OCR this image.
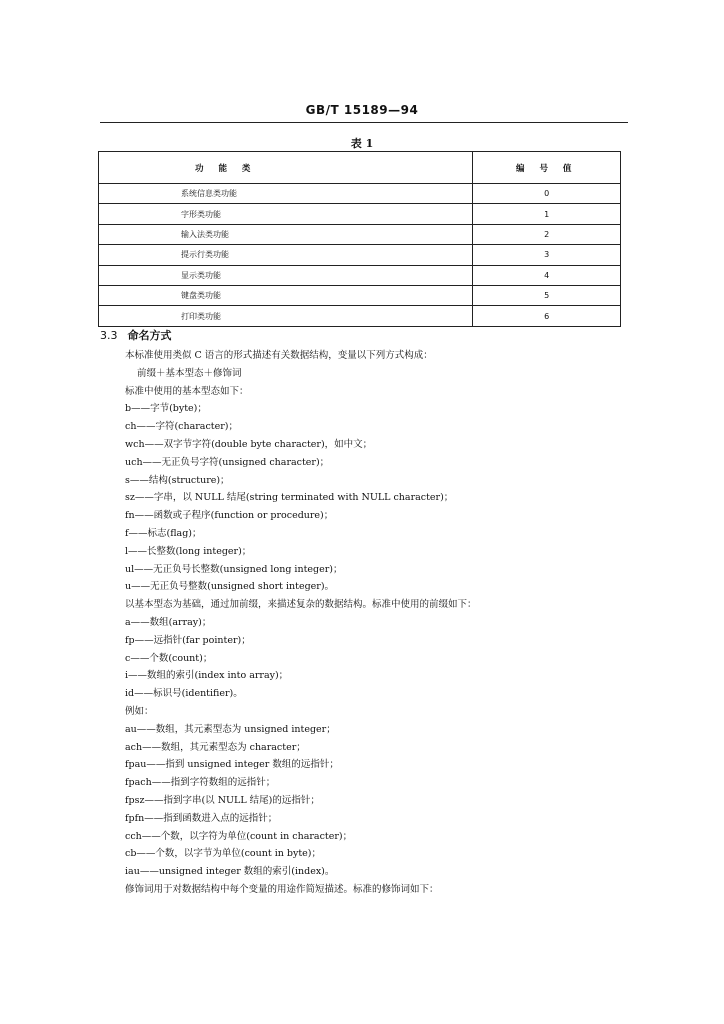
GB/T 15189—94
表 1
功 能 类	编 号 值
系统信息类功能	0
字形类功能	1
输入法类功能	2
提示行类功能	3
显示类功能	4
键盘类功能	5
打印类功能	6
3.3 命名方式
本标准使用类似 C 语言的形式描述有关数据结构，变量以下列方式构成：
前缀＋基本型态＋修饰词
标准中使用的基本型态如下：
b——字节(byte)；
ch——字符(character)；
wch——双字节字符(double byte character)，如中文；
uch——无正负号字符(unsigned character)；
s——结构(structure)；
sz——字串，以 NULL 结尾(string terminated with NULL character)；
fn——函数或子程序(function or procedure)；
f——标志(flag)；
l——长整数(long integer)；
ul——无正负号长整数(unsigned long integer)；
u——无正负号整数(unsigned short integer)。
以基本型态为基础，通过加前缀，来描述复杂的数据结构。标准中使用的前缀如下：
a——数组(array)；
fp——远指针(far pointer)；
c——个数(count)；
i——数组的索引(index into array)；
id——标识号(identifier)。
例如：
au——数组，其元素型态为 unsigned integer；
ach——数组，其元素型态为 character；
fpau——指到 unsigned integer 数组的远指针；
fpach——指到字符数组的远指针；
fpsz——指到字串(以 NULL 结尾)的远指针；
fpfn——指到函数进入点的远指针；
cch——个数，以字符为单位(count in character)；
cb——个数，以字节为单位(count in byte)；
iau——unsigned integer 数组的索引(index)。
修饰词用于对数据结构中每个变量的用途作简短描述。标准的修饰词如下：
